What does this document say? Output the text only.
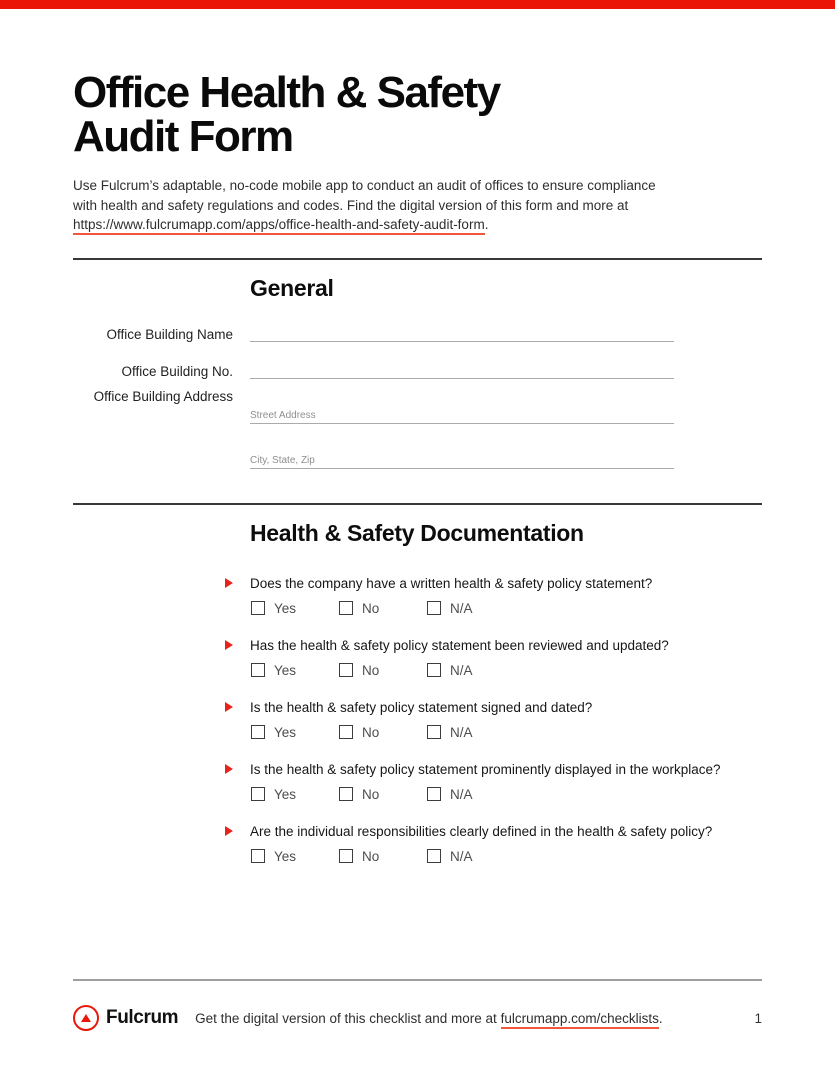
Office Health & Safety
Audit Form

Use Fulcrum’s adaptable, no-code mobile app to conduct an audit of offices to ensure compliance with health and safety regulations and codes. Find the digital version of this form and more at https://www.fulcrumapp.com/apps/office-health-and-safety-audit-form.

General
Office Building Name
Office Building No.
Office Building Address
Street Address
City, State, Zip
Health & Safety Documentation

Does the company have a written health & safety policy statement?

Yes	No	N/A

Has the health & safety policy statement been reviewed and updated?

Yes	No	N/A

Is the health & safety policy statement signed and dated?

Yes	No	N/A

Is the health & safety policy statement prominently displayed in the workplace?

Yes	No	N/A

Are the individual responsibilities clearly defined in the health & safety policy?

Yes	No	N/A
Fulcrum Get the digital version of this checklist and more at fulcrumapp.com/checklists.	1
